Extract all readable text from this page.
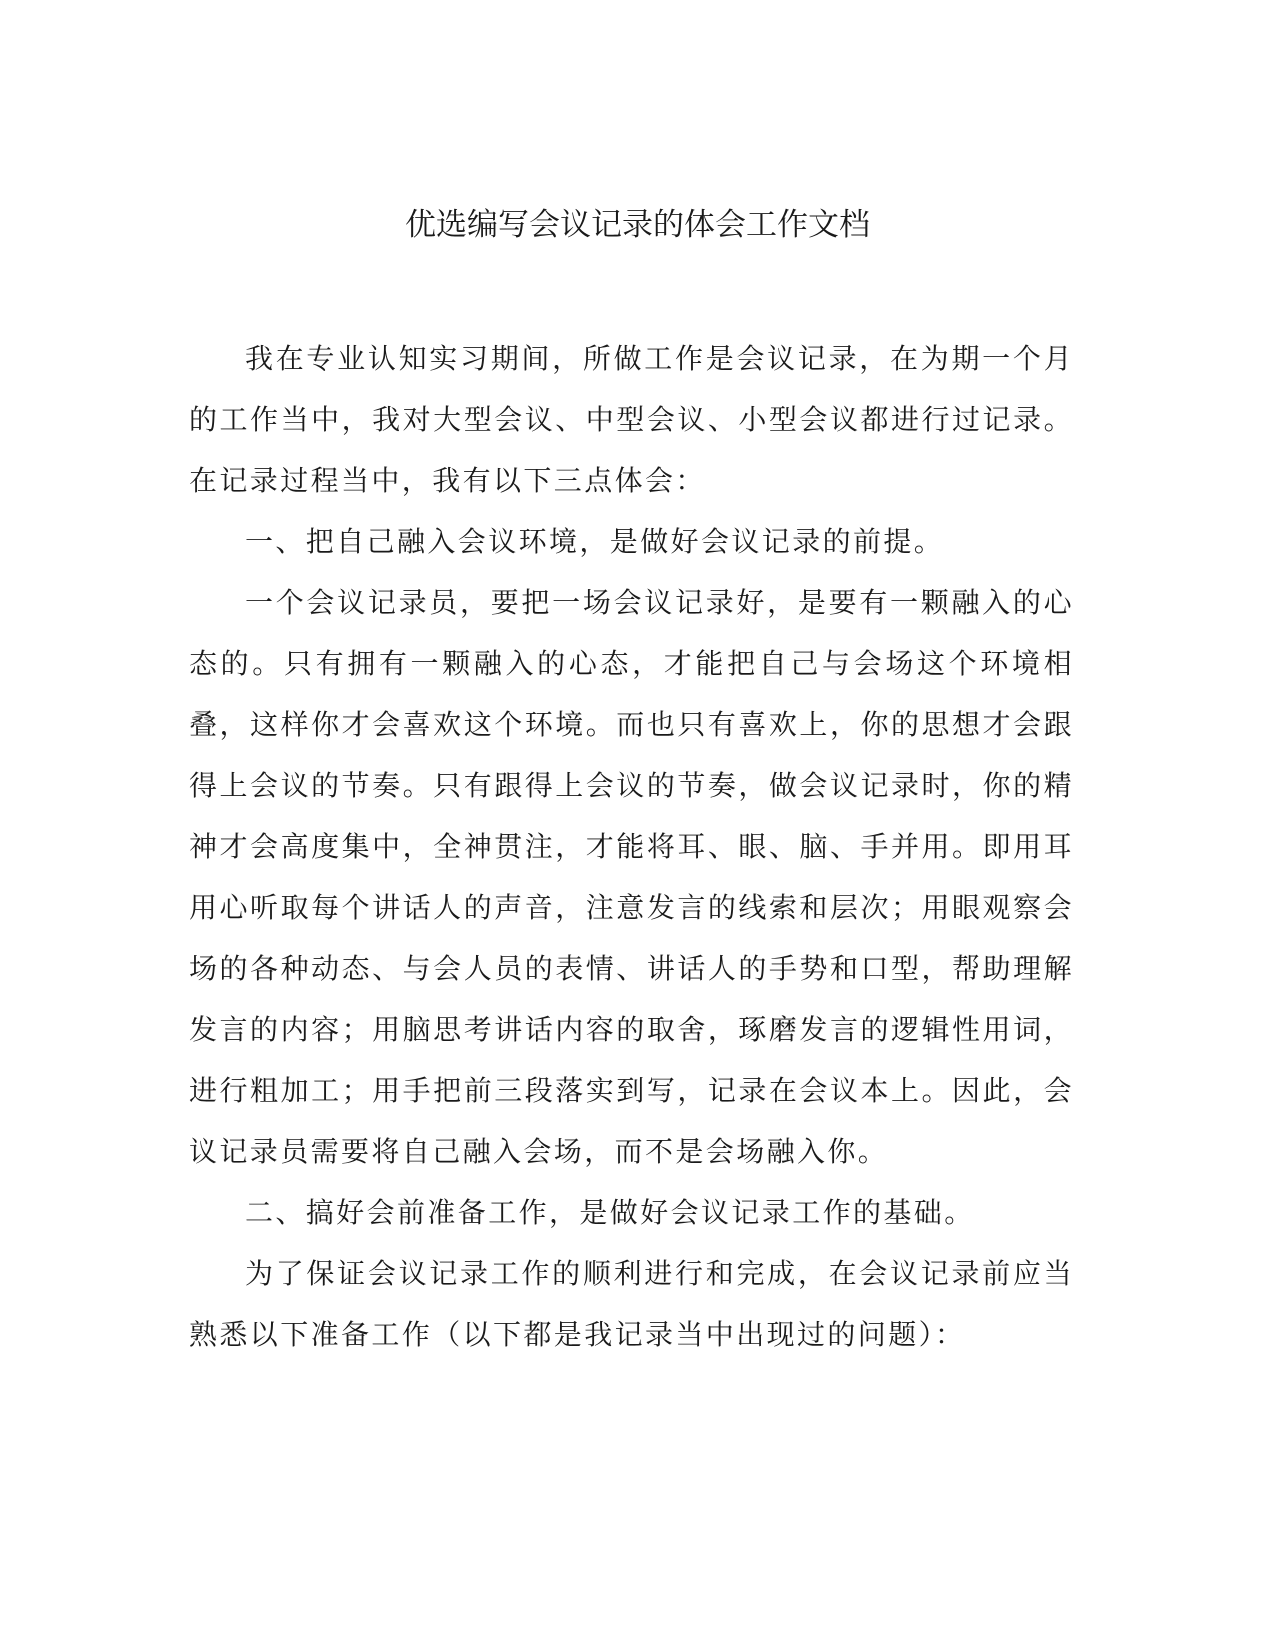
优选编写会议记录的体会工作文档

我在专业认知实习期间，所做工作是会议记录，在为期一个月的工作当中，我对大型会议、中型会议、小型会议都进行过记录。在记录过程当中，我有以下三点体会：

一、把自己融入会议环境，是做好会议记录的前提。

一个会议记录员，要把一场会议记录好，是要有一颗融入的心态的。只有拥有一颗融入的心态，才能把自己与会场这个环境相叠，这样你才会喜欢这个环境。而也只有喜欢上，你的思想才会跟得上会议的节奏。只有跟得上会议的节奏，做会议记录时，你的精神才会高度集中，全神贯注，才能将耳、眼、脑、手并用。即用耳用心听取每个讲话人的声音，注意发言的线索和层次；用眼观察会场的各种动态、与会人员的表情、讲话人的手势和口型，帮助理解发言的内容；用脑思考讲话内容的取舍，琢磨发言的逻辑性用词，进行粗加工；用手把前三段落实到写，记录在会议本上。因此，会议记录员需要将自己融入会场，而不是会场融入你。

二、搞好会前准备工作，是做好会议记录工作的基础。

为了保证会议记录工作的顺利进行和完成，在会议记录前应当熟悉以下准备工作（以下都是我记录当中出现过的问题）：
